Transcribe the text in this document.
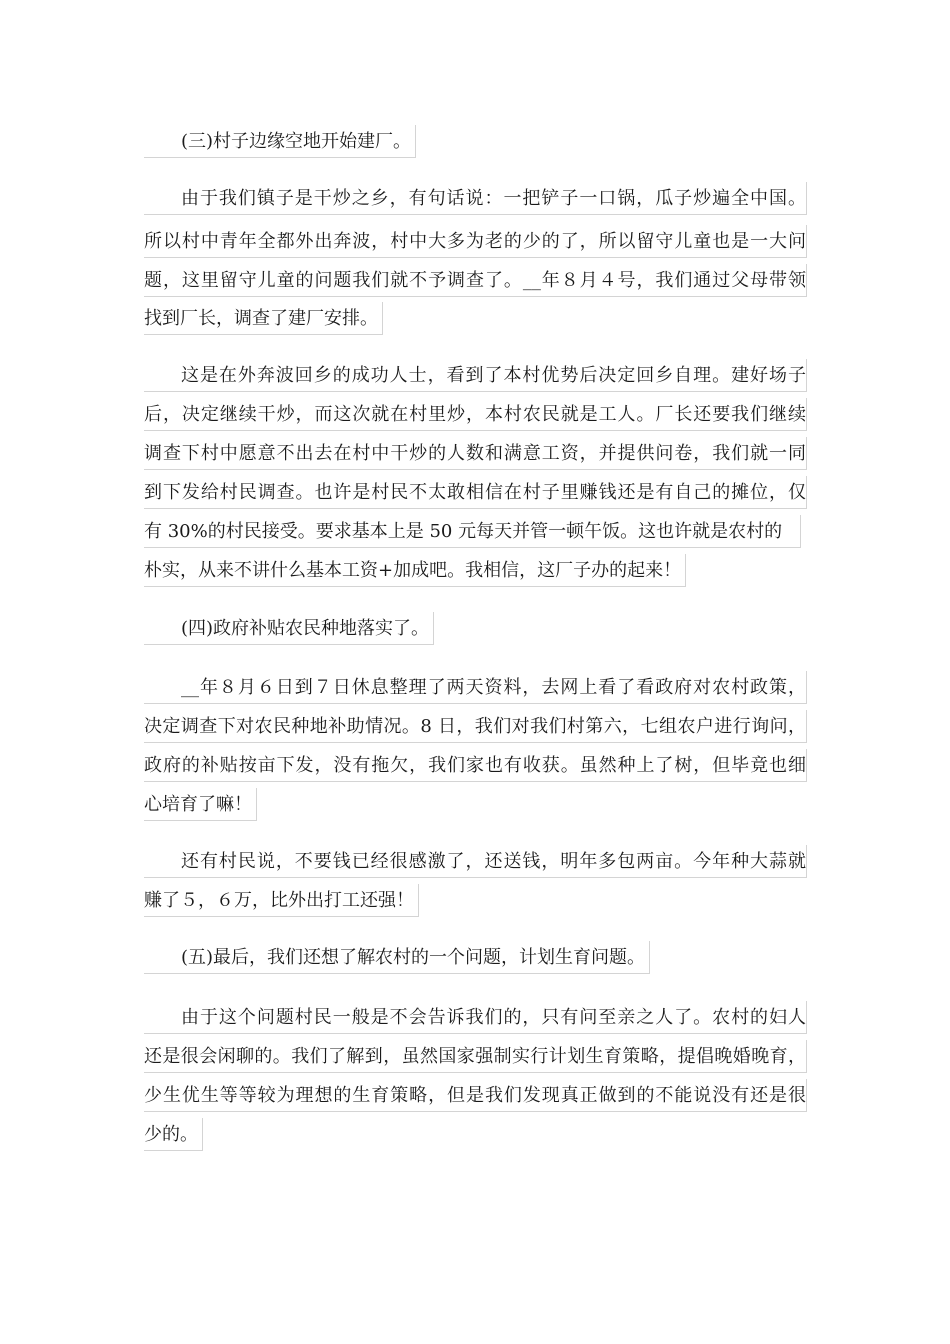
(三)村子边缘空地开始建厂。
由于我们镇子是干炒之乡，有句话说：一把铲子一口锅，瓜子炒遍全中国。
所以村中青年全都外出奔波，村中大多为老的少的了，所以留守儿童也是一大问
题，这里留守儿童的问题我们就不予调查了。__年８月４号，我们通过父母带领
找到厂长，调查了建厂安排。
这是在外奔波回乡的成功人士，看到了本村优势后决定回乡自理。建好场子
后，决定继续干炒，而这次就在村里炒，本村农民就是工人。厂长还要我们继续
调查下村中愿意不出去在村中干炒的人数和满意工资，并提供问卷，我们就一同
到下发给村民调查。也许是村民不太敢相信在村子里赚钱还是有自己的摊位，仅
有 30%的村民接受。要求基本上是 50 元每天并管一顿午饭。这也许就是农村的
朴实，从来不讲什么基本工资+加成吧。我相信，这厂子办的起来！
(四)政府补贴农民种地落实了。
__年８月６日到７日休息整理了两天资料，去网上看了看政府对农村政策，
决定调查下对农民种地补助情况。8 日，我们对我们村第六，七组农户进行询问，
政府的补贴按亩下发，没有拖欠，我们家也有收获。虽然种上了树，但毕竟也细
心培育了嘛！
还有村民说，不要钱已经很感激了，还送钱，明年多包两亩。今年种大蒜就
赚了５，６万，比外出打工还强！
(五)最后，我们还想了解农村的一个问题，计划生育问题。
由于这个问题村民一般是不会告诉我们的，只有问至亲之人了。农村的妇人
还是很会闲聊的。我们了解到，虽然国家强制实行计划生育策略，提倡晚婚晚育，
少生优生等等较为理想的生育策略，但是我们发现真正做到的不能说没有还是很
少的。
